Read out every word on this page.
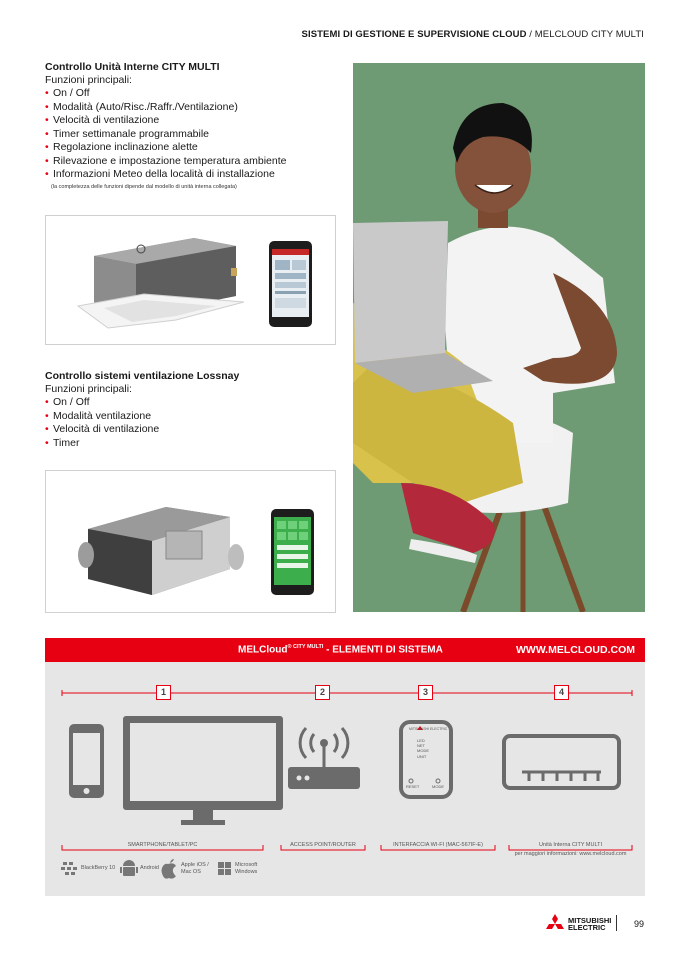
SISTEMI DI GESTIONE E SUPERVISIONE CLOUD / MELCLOUD CITY MULTI
Controllo Unità Interne CITY MULTI
Funzioni principali:
• On / Off
• Modalità (Auto/Risc./Raffr./Ventilazione)
• Velocità di ventilazione
• Timer settimanale programmabile
• Regolazione inclinazione alette
• Rilevazione e impostazione temperatura ambiente
• Informazioni Meteo della località di installazione
(la completezza delle funzioni dipende dal modello di unità interna collegata)
Controllo sistemi ventilazione Lossnay
Funzioni principali:
• On / Off
• Modalità ventilazione
• Velocità di ventilazione
• Timer
MELCloud$^{® CITY MULTI}$ - ELEMENTI DI SISTEMA	WWW.MELCLOUD.COM
1	2	3	4
MITSUBISHI ELECTRIC
LED
NET
MODE
UNIT
RESET	MODE
SMARTPHONE/TABLET/PC	ACCESS POINT/ROUTER	INTERFACCIA WI-FI (MAC-567IF-E)	Unità Interna CITY MULTI
per maggiori informazioni: www.melcloud.com
BlackBerry 10	Android	Apple iOS /
Mac OS
Microsoft
Windows
MITSUBISHI
ELECTRIC	99
